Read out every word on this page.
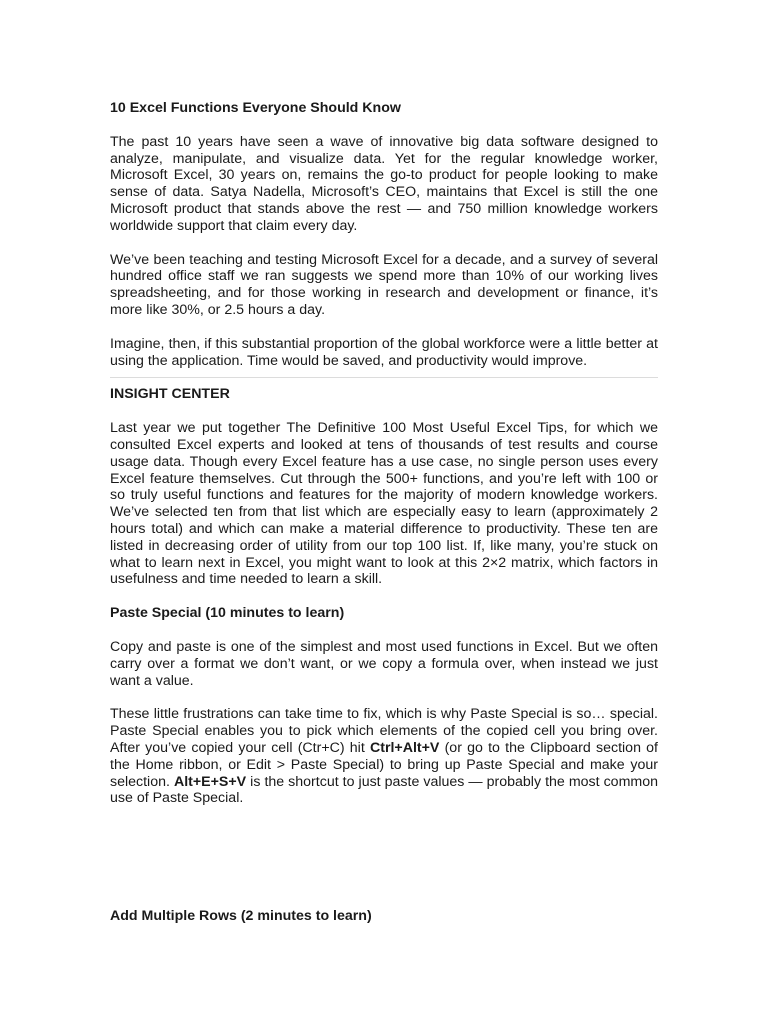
10 Excel Functions Everyone Should Know

The past 10 years have seen a wave of innovative big data software designed to analyze, manipulate, and visualize data. Yet for the regular knowledge worker, Microsoft Excel, 30 years on, remains the go-to product for people looking to make sense of data. Satya Nadella, Microsoft’s CEO, maintains that Excel is still the one Microsoft product that stands above the rest — and 750 million knowledge workers worldwide support that claim every day.

We’ve been teaching and testing Microsoft Excel for a decade, and a survey of several hundred office staff we ran suggests we spend more than 10% of our working lives spreadsheeting, and for those working in research and development or finance, it’s more like 30%, or 2.5 hours a day.

Imagine, then, if this substantial proportion of the global workforce were a little better at using the application. Time would be saved, and productivity would improve.

INSIGHT CENTER

Last year we put together The Definitive 100 Most Useful Excel Tips, for which we consulted Excel experts and looked at tens of thousands of test results and course usage data. Though every Excel feature has a use case, no single person uses every Excel feature themselves. Cut through the 500+ functions, and you’re left with 100 or so truly useful functions and features for the majority of modern knowledge workers. We’ve selected ten from that list which are especially easy to learn (approximately 2 hours total) and which can make a material difference to productivity. These ten are listed in decreasing order of utility from our top 100 list. If, like many, you’re stuck on what to learn next in Excel, you might want to look at this 2×2 matrix, which factors in usefulness and time needed to learn a skill.

Paste Special (10 minutes to learn)

Copy and paste is one of the simplest and most used functions in Excel. But we often carry over a format we don’t want, or we copy a formula over, when instead we just want a value.

These little frustrations can take time to fix, which is why Paste Special is so… special. Paste Special enables you to pick which elements of the copied cell you bring over. After you’ve copied your cell (Ctr+C) hit Ctrl+Alt+V (or go to the Clipboard section of the Home ribbon, or Edit > Paste Special) to bring up Paste Special and make your selection. Alt+E+S+V is the shortcut to just paste values — probably the most common use of Paste Special.

Add Multiple Rows (2 minutes to learn)
